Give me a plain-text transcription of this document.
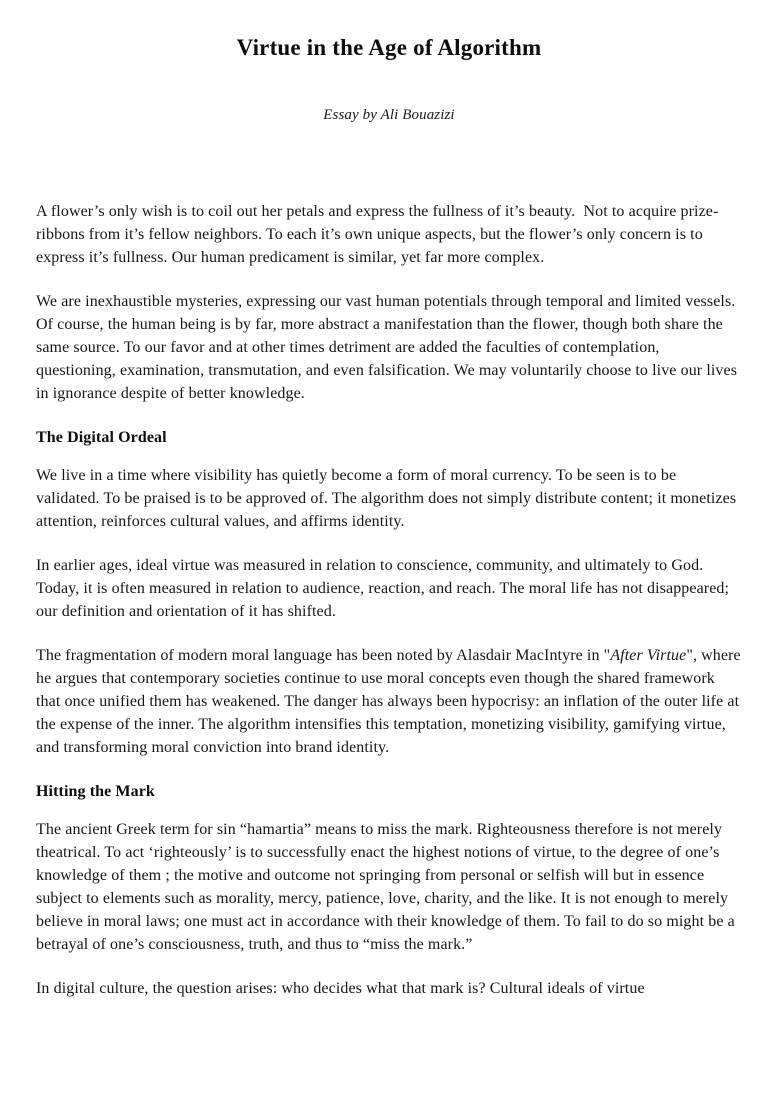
Virtue in the Age of Algorithm

Essay by Ali Bouazizi

A flower’s only wish is to coil out her petals and express the fullness of it’s beauty.  Not to acquire prize-ribbons from it’s fellow neighbors. To each it’s own unique aspects, but the flower’s only concern is to express it’s fullness. Our human predicament is similar, yet far more complex.

We are inexhaustible mysteries, expressing our vast human potentials through temporal and limited vessels. Of course, the human being is by far, more abstract a manifestation than the flower, though both share the same source. To our favor and at other times detriment are added the faculties of contemplation, questioning, examination, transmutation, and even falsification. We may voluntarily choose to live our lives in ignorance despite of better knowledge.

The Digital Ordeal

We live in a time where visibility has quietly become a form of moral currency. To be seen is to be validated. To be praised is to be approved of. The algorithm does not simply distribute content; it monetizes attention, reinforces cultural values, and affirms identity.

In earlier ages, ideal virtue was measured in relation to conscience, community, and ultimately to God. Today, it is often measured in relation to audience, reaction, and reach. The moral life has not disappeared; our definition and orientation of it has shifted.

The fragmentation of modern moral language has been noted by Alasdair MacIntyre in "After Virtue", where he argues that contemporary societies continue to use moral concepts even though the shared framework that once unified them has weakened. The danger has always been hypocrisy: an inflation of the outer life at the expense of the inner. The algorithm intensifies this temptation, monetizing visibility, gamifying virtue, and transforming moral conviction into brand identity.

Hitting the Mark

The ancient Greek term for sin “hamartia” means to miss the mark. Righteousness therefore is not merely theatrical. To act ‘righteously’ is to successfully enact the highest notions of virtue, to the degree of one’s knowledge of them ; the motive and outcome not springing from personal or selfish will but in essence subject to elements such as morality, mercy, patience, love, charity, and the like. It is not enough to merely believe in moral laws; one must act in accordance with their knowledge of them. To fail to do so might be a betrayal of one’s consciousness, truth, and thus to “miss the mark.”

In digital culture, the question arises: who decides what that mark is? Cultural ideals of virtue
